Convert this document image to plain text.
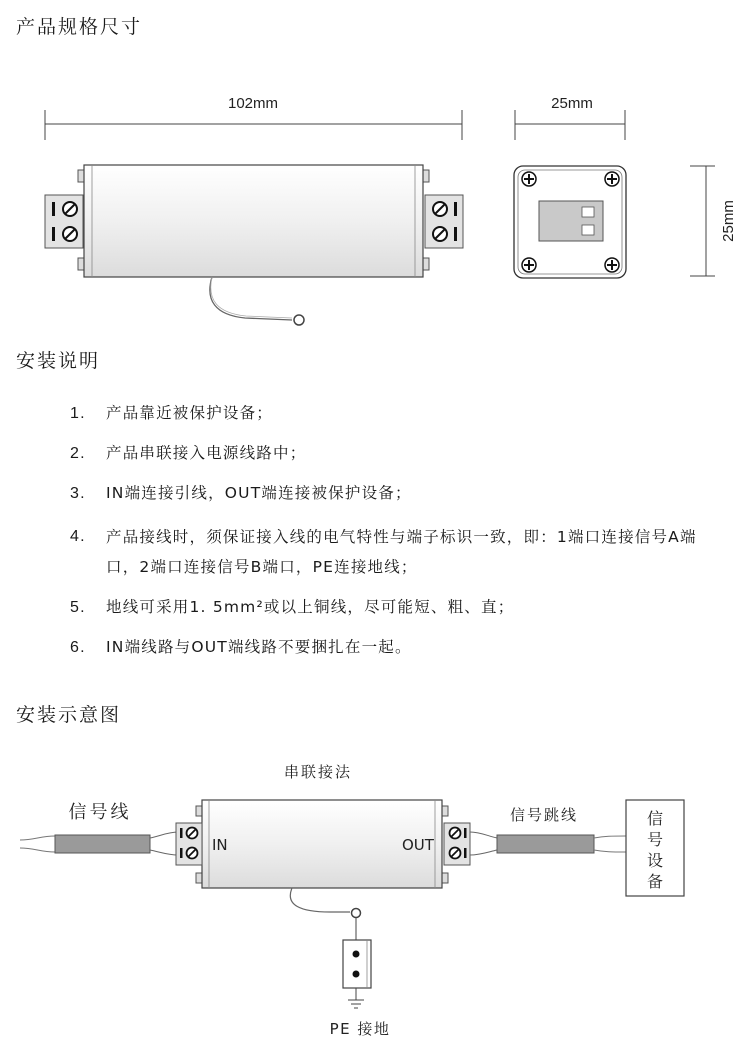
产品规格尺寸
102mm	25mm
25mm
安装说明
1.	产品靠近被保护设备；
2.	产品串联接入电源线路中；
3.	IN端连接引线，OUT端连接被保护设备；
4.	产品接线时，须保证接入线的电气特性与端子标识一致，即：1端口连接信号A端口，2端口连接信号B端口，PE连接地线；
5.	地线可采用1. 5mm²或以上铜线，尽可能短、粗、直；
6.	IN端线路与OUT端线路不要捆扎在一起。
安装示意图
串联接法
信号线
IN	OUT
信号跳线	信
号
设
备
PE 接地
